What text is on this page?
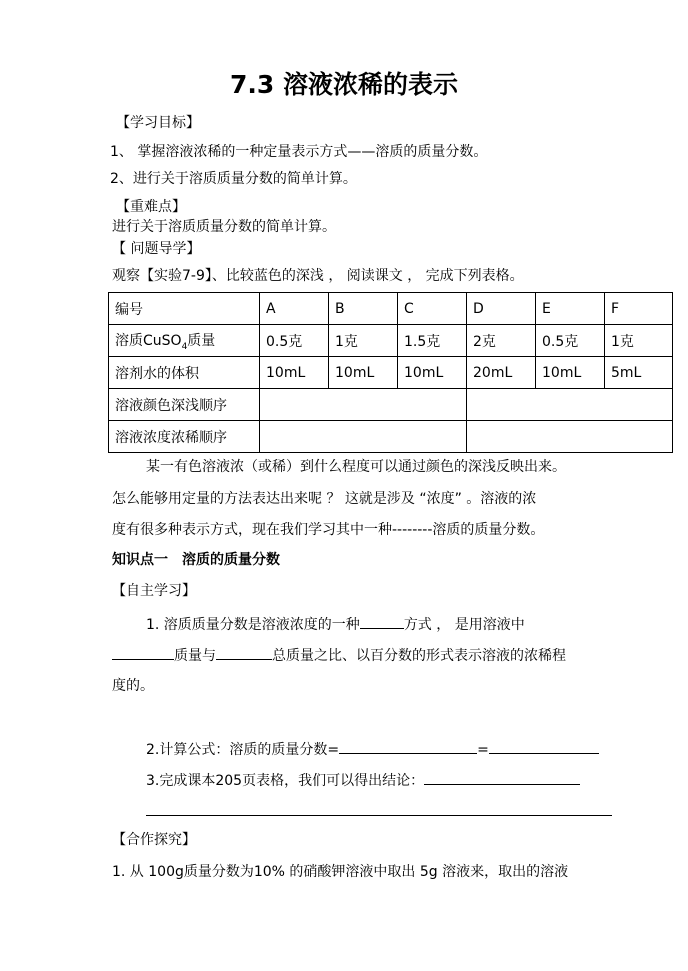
7.3 溶液浓稀的表示
【学习目标】
1、 掌握溶液浓稀的一种定量表示方式——溶质的质量分数。
2、进行关于溶质质量分数的简单计算。
【重难点】
进行关于溶质质量分数的简单计算。
【 问题导学】
观察【实验7-9】、比较蓝色的深浅 ， 阅读课文 ， 完成下列表格。
编号	A	B	C	D	E	F
溶质CuSO$_4$质量	0.5克	1克	1.5克	2克	0.5克	1克
溶剂水的体积	10mL	10mL	10mL	20mL	10mL	5mL
溶液颜色深浅顺序						
溶液浓度浓稀顺序						
某一有色溶液浓（或稀）到什么程度可以通过颜色的深浅反映出来。
怎么能够用定量的方法表达出来呢 ？ 这就是涉及 “浓度” 。溶液的浓
度有很多种表示方式，现在我们学习其中一种--------溶质的质量分数。
知识点一　溶质的质量分数
【自主学习】
1. 溶质质量分数是溶液浓度的一种	方式 ， 是用溶液中
质量与	总质量之比、以百分数的形式表示溶液的浓稀程
度的。
2.计算公式：溶质的质量分数=	=
3.完成课本205页表格，我们可以得出结论：
【合作探究】
1. 从 100g质量分数为10% 的硝酸钾溶液中取出 5g 溶液来，取出的溶液
